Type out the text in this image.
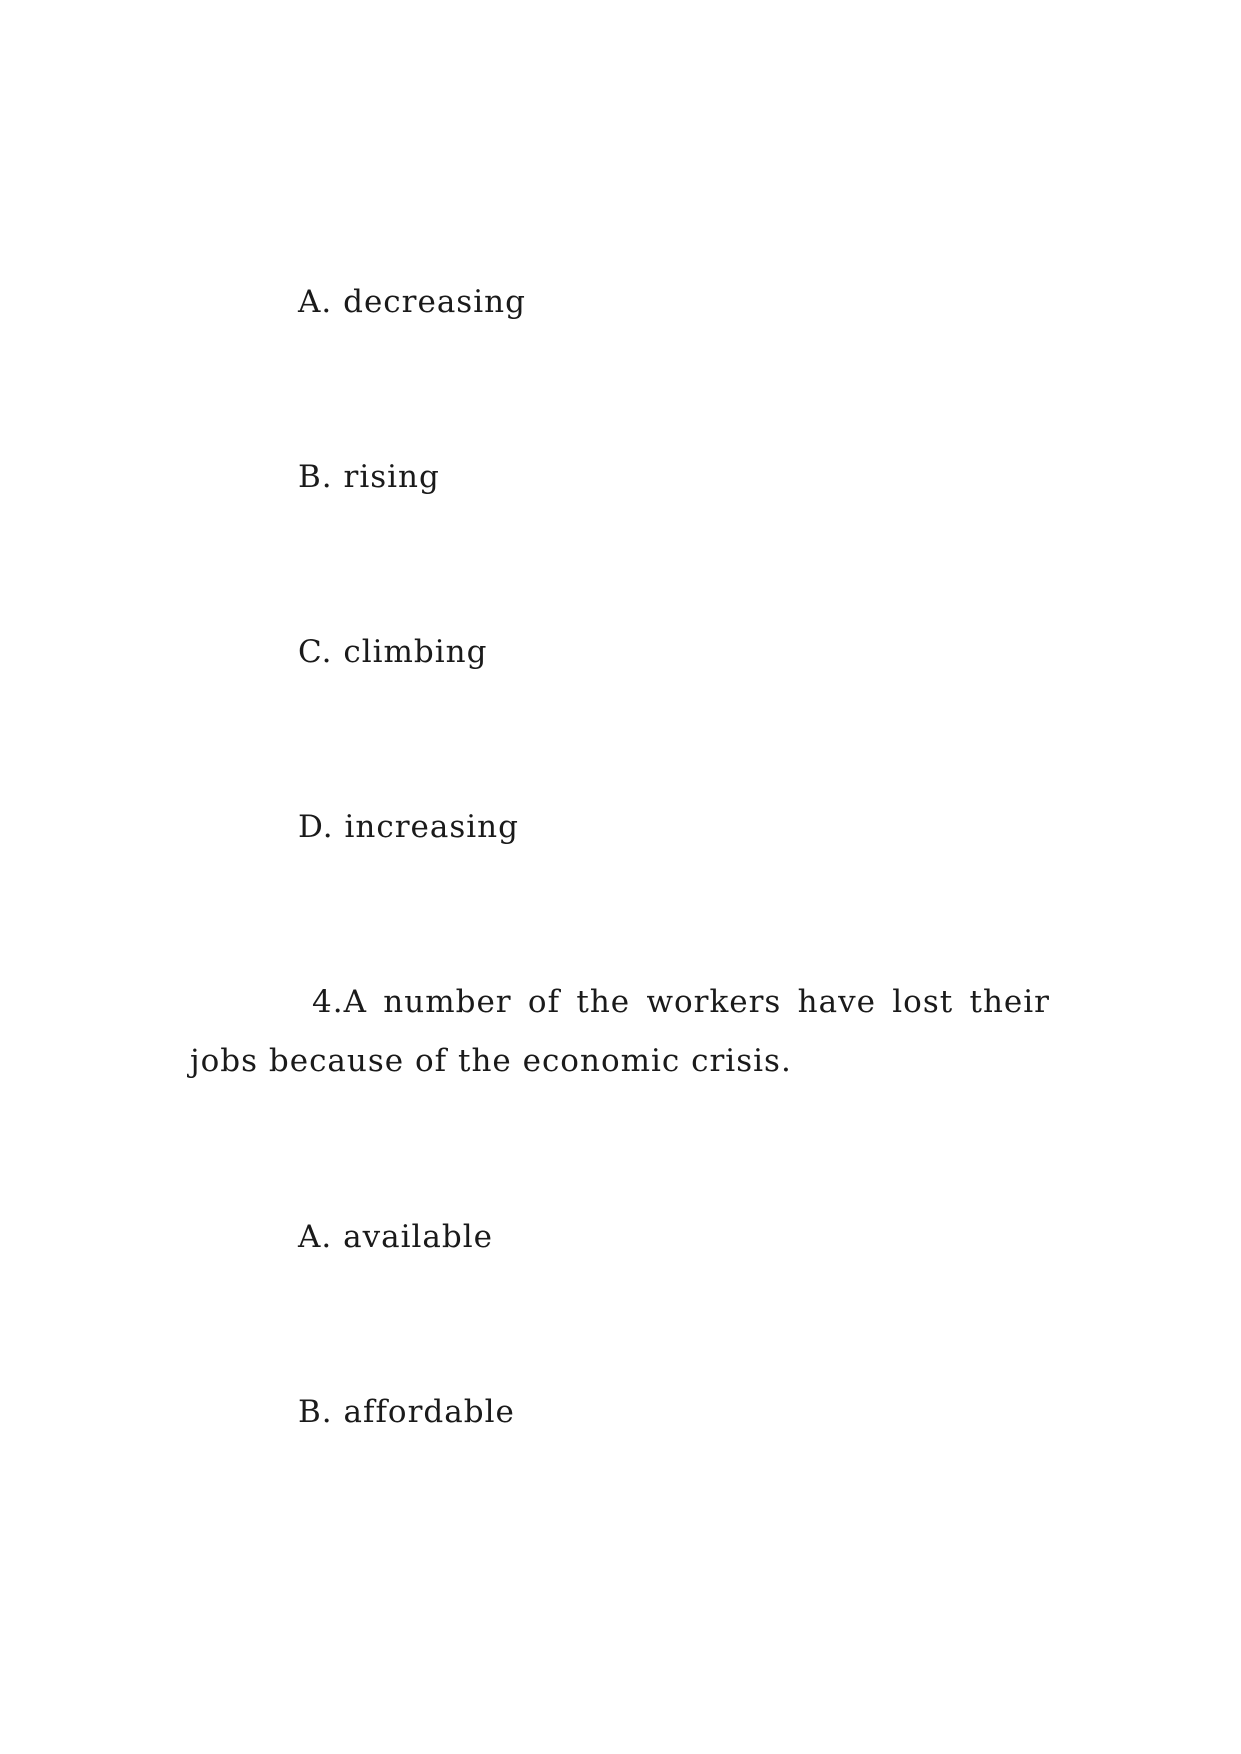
A. decreasing
B. rising
C. climbing
D. increasing
4.A number of the workers have lost their
jobs because of the economic crisis.
A. available
B. affordable
